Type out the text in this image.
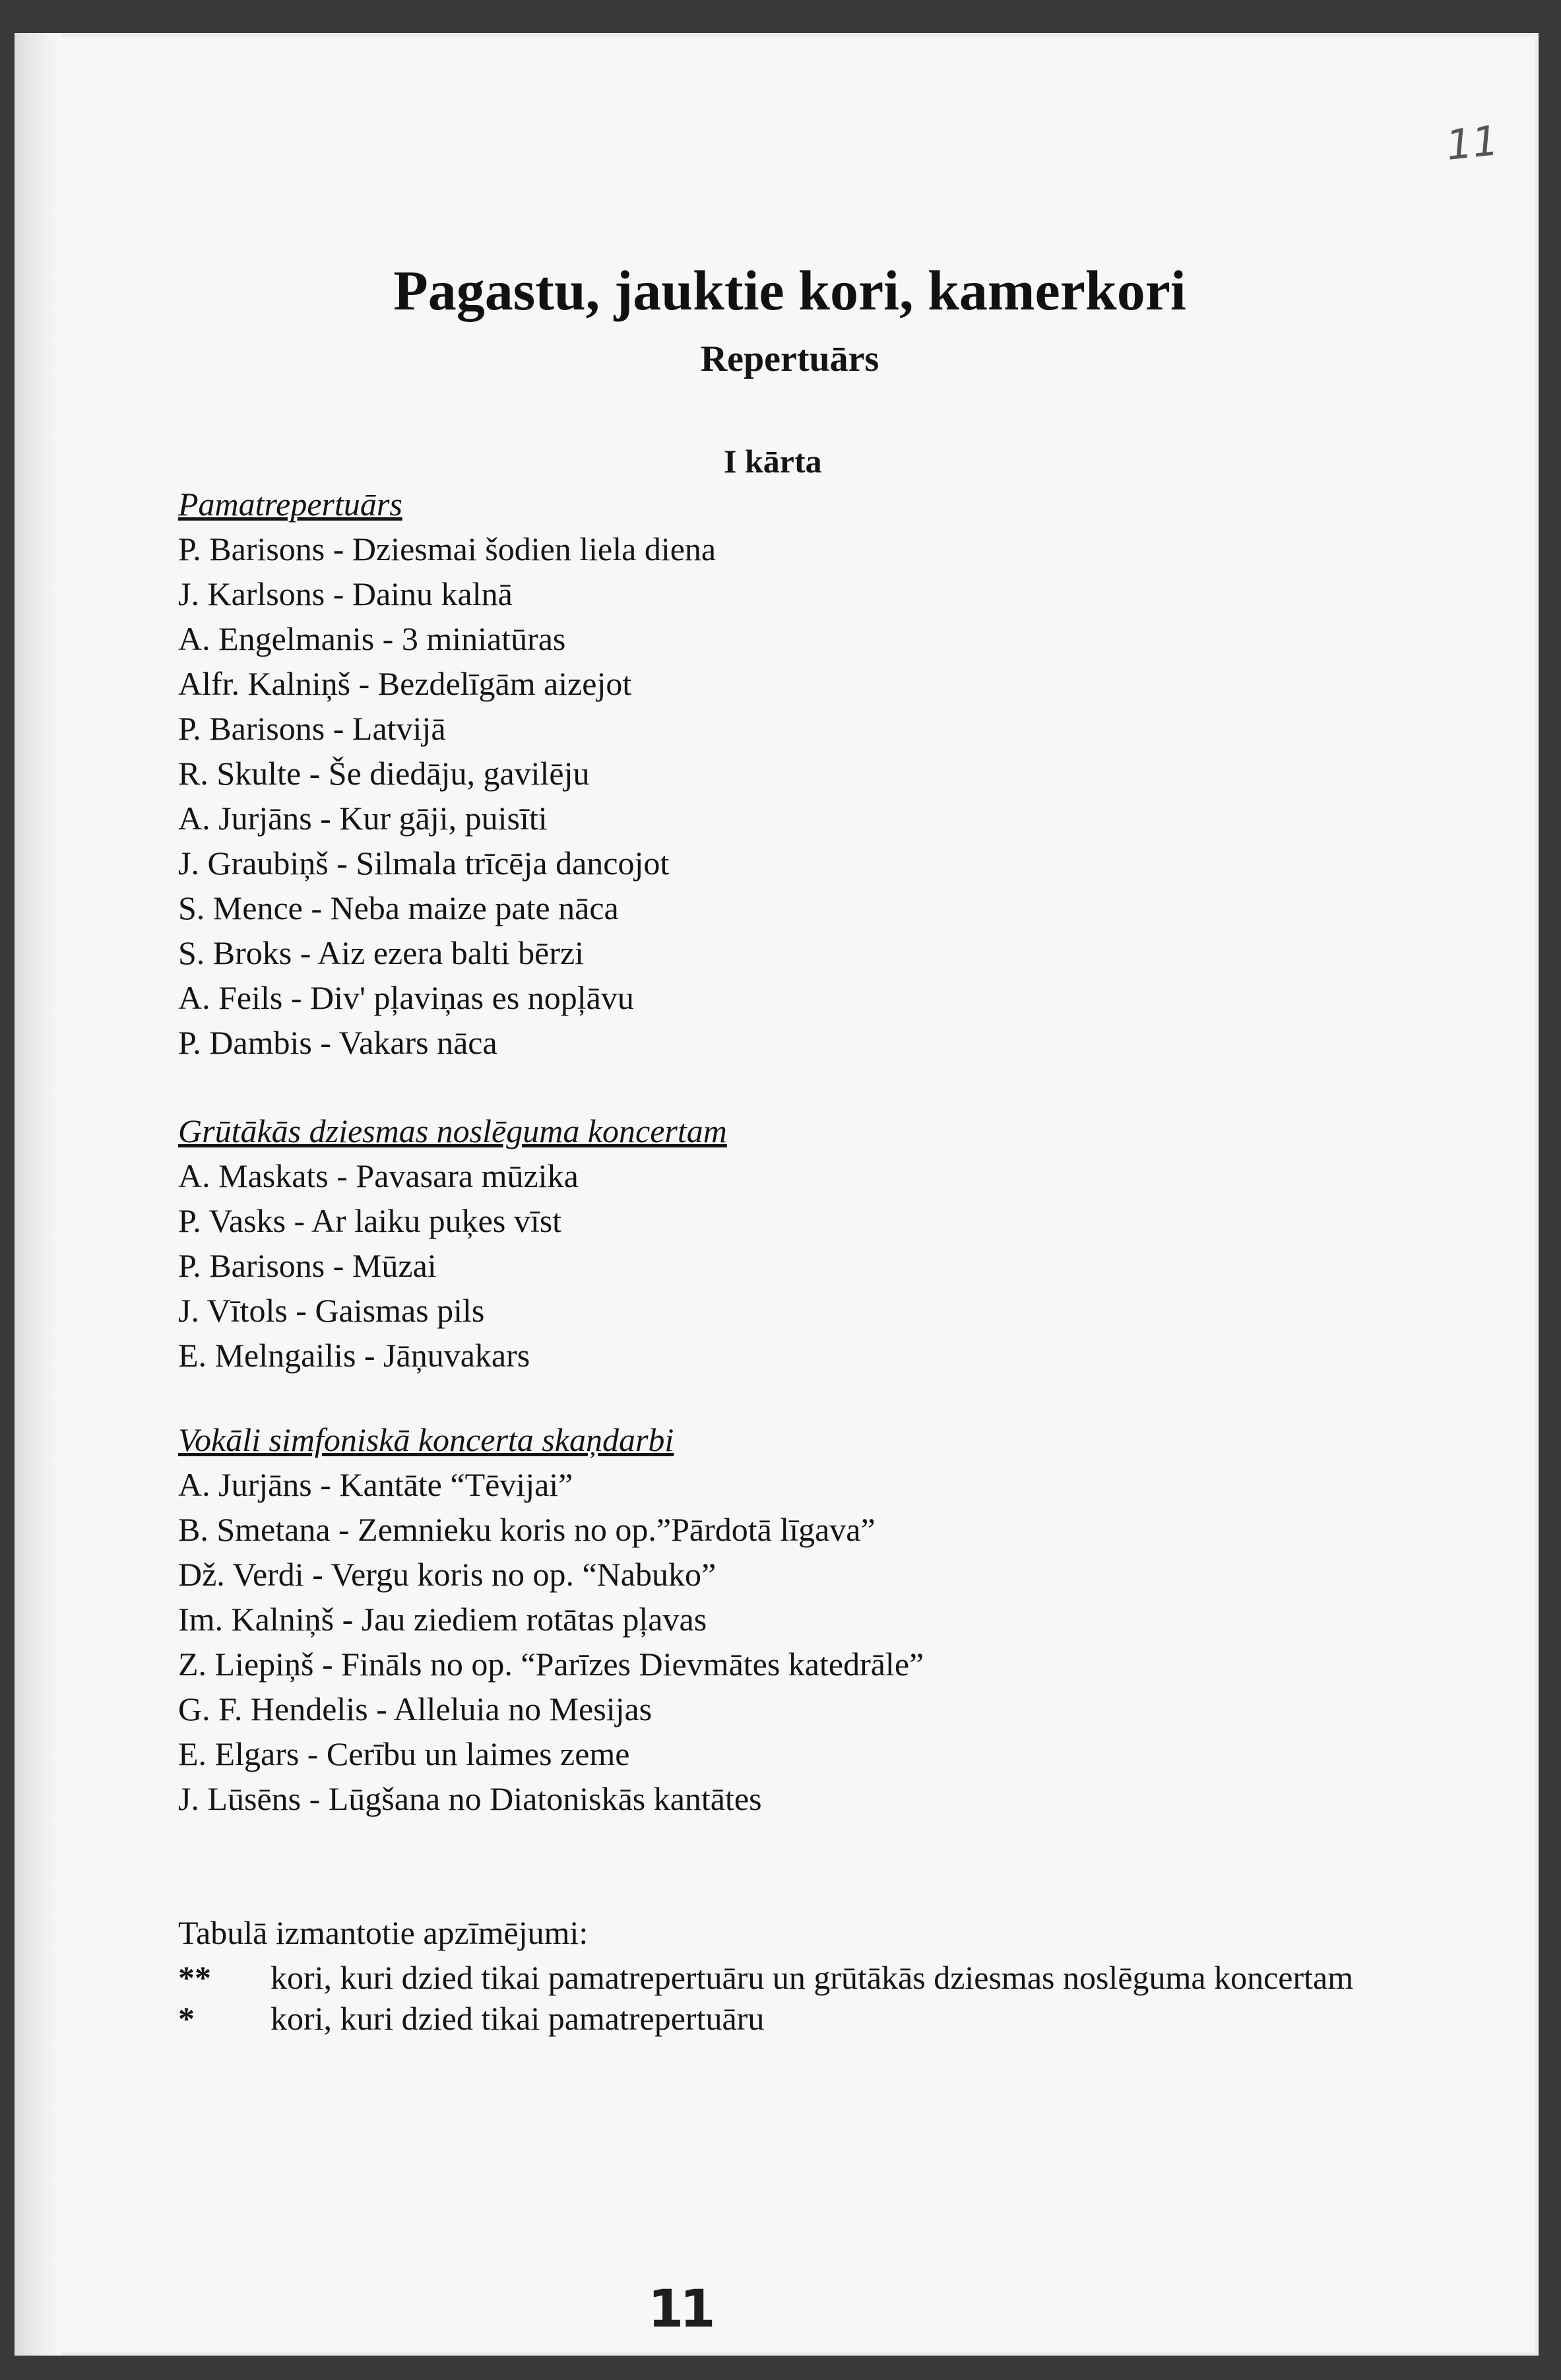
11
Pagastu, jauktie kori, kamerkori
Repertuārs
I kārta
Pamatrepertuārs
P. Barisons - Dziesmai šodien liela diena
J. Karlsons - Dainu kalnā
A. Engelmanis - 3 miniatūras
Alfr. Kalniņš - Bezdelīgām aizejot
P. Barisons - Latvijā
R. Skulte - Še diedāju, gavilēju
A. Jurjāns - Kur gāji, puisīti
J. Graubiņš - Silmala trīcēja dancojot
S. Mence - Neba maize pate nāca
S. Broks - Aiz ezera balti bērzi
A. Feils - Div' pļaviņas es nopļāvu
P. Dambis - Vakars nāca
Grūtākās dziesmas noslēguma koncertam
A. Maskats - Pavasara mūzika
P. Vasks - Ar laiku puķes vīst
P. Barisons - Mūzai
J. Vītols - Gaismas pils
E. Melngailis - Jāņuvakars
Vokāli simfoniskā koncerta skaņdarbi
A. Jurjāns - Kantāte “Tēvijai”
B. Smetana - Zemnieku koris no op.”Pārdotā līgava”
Dž. Verdi - Vergu koris no op. “Nabuko”
Im. Kalniņš - Jau ziediem rotātas pļavas
Z. Liepiņš - Fināls no op. “Parīzes Dievmātes katedrāle”
G. F. Hendelis - Alleluia no Mesijas
E. Elgars - Cerību un laimes zeme
J. Lūsēns - Lūgšana no Diatoniskās kantātes
Tabulā izmantotie apzīmējumi:
**	kori, kuri dzied tikai pamatrepertuāru un grūtākās dziesmas noslēguma koncertam
*	kori, kuri dzied tikai pamatrepertuāru
11
